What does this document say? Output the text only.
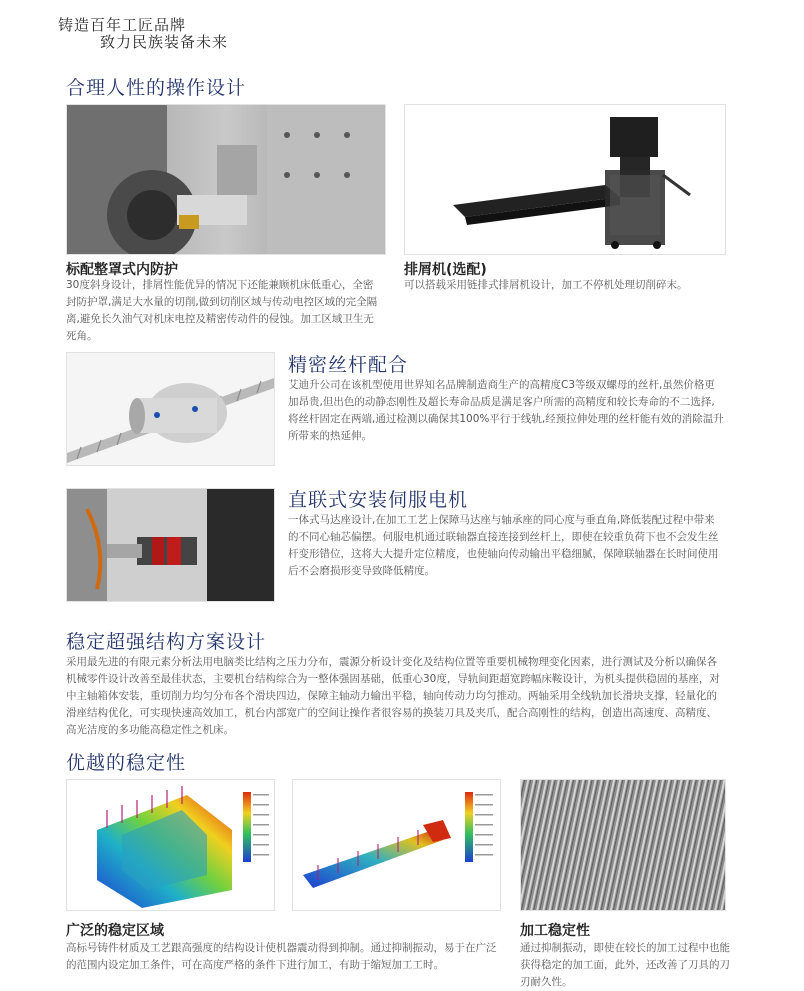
铸造百年工匠品牌
致力民族装备未来
合理人性的操作设计
标配整罩式内防护
30度斜身设计，排屑性能优异的情况下还能兼顾机床低重心，全密封防护罩,满足大水量的切削,做到切削区域与传动电控区域的完全隔离,避免长久油气对机床电控及精密传动件的侵蚀。加工区域卫生无死角。
排屑机(选配)
可以搭载采用链排式排屑机设计，加工不停机处理切削碎末。
精密丝杆配合
艾迪升公司在该机型使用世界知名品牌制造商生产的高精度C3等级双螺母的丝杆,虽然价格更加昂贵,但出色的动静态刚性及超长寿命品质是满足客户所需的高精度和较长寿命的不二选择,将丝杆固定在两端,通过检测以确保其100%平行于线轨,经预拉伸处理的丝杆能有效的消除温升所带来的热延伸。
直联式安装伺服电机
一体式马达座设计,在加工工艺上保障马达座与轴承座的同心度与垂直角,降低装配过程中带来的不同心轴芯偏摆。伺服电机通过联轴器直接连接到丝杆上，即使在较重负荷下也不会发生丝杆变形错位，这将大大提升定位精度，也使轴向传动输出平稳细腻，保障联轴器在长时间使用后不会磨损形变导致降低精度。
稳定超强结构方案设计
采用最先进的有限元素分析法用电脑类比结构之压力分布，震源分析设计变化及结构位置等重要机械物理变化因素，进行测试及分析以确保各机械零件设计改善至最佳状态，主要机台结构综合为一整体强固基础，低重心30度，导轨间距超宽跨幅床鞍设计，为机头提供稳固的基座，对中主轴箱体安装，重切削力均匀分布各个滑块四边，保障主轴动力输出平稳，轴向传动力均匀推动。两轴采用全线轨加长滑块支撑，轻量化的滑座结构优化，可实现快速高效加工，机台内部宽广的空间让操作者很容易的换装刀具及夹爪，配合高刚性的结构，创造出高速度、高精度、高光洁度的多功能高稳定性之机床。
优越的稳定性
广泛的稳定区域
高标号铸件材质及工艺跟高强度的结构设计使机器震动得到抑制。通过抑制振动，易于在广泛的范围内设定加工条件，可在高度严格的条件下进行加工，有助于缩短加工工时。
加工稳定性
通过抑制振动，即使在较长的加工过程中也能获得稳定的加工面，此外，还改善了刀具的刀刃耐久性。
